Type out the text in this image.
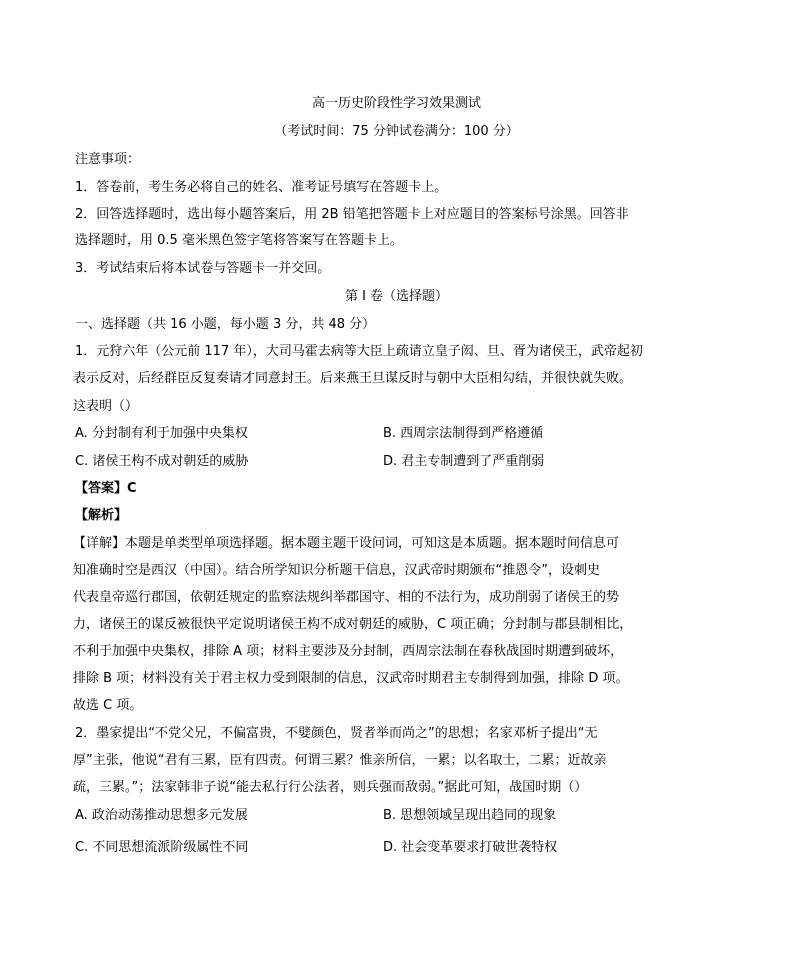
高一历史阶段性学习效果测试
（考试时间：75 分钟试卷满分：100 分）
注意事项：
1．答卷前，考生务必将自己的姓名、准考证号填写在答题卡上。
2．回答选择题时，选出每小题答案后，用 2B 铅笔把答题卡上对应题目的答案标号涂黑。回答非
选择题时，用 0.5 毫米黑色签字笔将答案写在答题卡上。
3．考试结束后将本试卷与答题卡一并交回。
第 I 卷（选择题）
一、选择题（共 16 小题，每小题 3 分，共 48 分）
1．元狩六年（公元前 117 年），大司马霍去病等大臣上疏请立皇子闳、旦、胥为诸侯王，武帝起初
表示反对，后经群臣反复奏请才同意封王。后来燕王旦谋反时与朝中大臣相勾结，并很快就失败。
这表明（）
A. 分封制有利于加强中央集权	B. 西周宗法制得到严格遵循
C. 诸侯王构不成对朝廷的威胁	D. 君主专制遭到了严重削弱
【答案】C
【解析】
【详解】本题是单类型单项选择题。据本题主题干设问词，可知这是本质题。据本题时间信息可
知准确时空是西汉（中国）。结合所学知识分析题干信息，汉武帝时期颁布“推恩令”，设刺史
代表皇帝巡行郡国，依朝廷规定的监察法规纠举郡国守、相的不法行为，成功削弱了诸侯王的势
力，诸侯王的谋反被很快平定说明诸侯王构不成对朝廷的威胁，C 项正确；分封制与郡县制相比，
不利于加强中央集权，排除 A 项；材料主要涉及分封制，西周宗法制在春秋战国时期遭到破坏，
排除 B 项；材料没有关于君主权力受到限制的信息，汉武帝时期君主专制得到加强，排除 D 项。
故选 C 项。
2．墨家提出“不党父兄，不偏富贵，不嬖颜色，贤者举而尚之”的思想；名家邓析子提出“无
厚”主张，他说“君有三累，臣有四责。何谓三累？惟亲所信，一累；以名取士，二累；近故亲
疏，三累。”；法家韩非子说“能去私行行公法者，则兵强而敌弱。”据此可知，战国时期（）
A. 政治动荡推动思想多元发展	B. 思想领域呈现出趋同的现象
C. 不同思想流派阶级属性不同	D. 社会变革要求打破世袭特权
